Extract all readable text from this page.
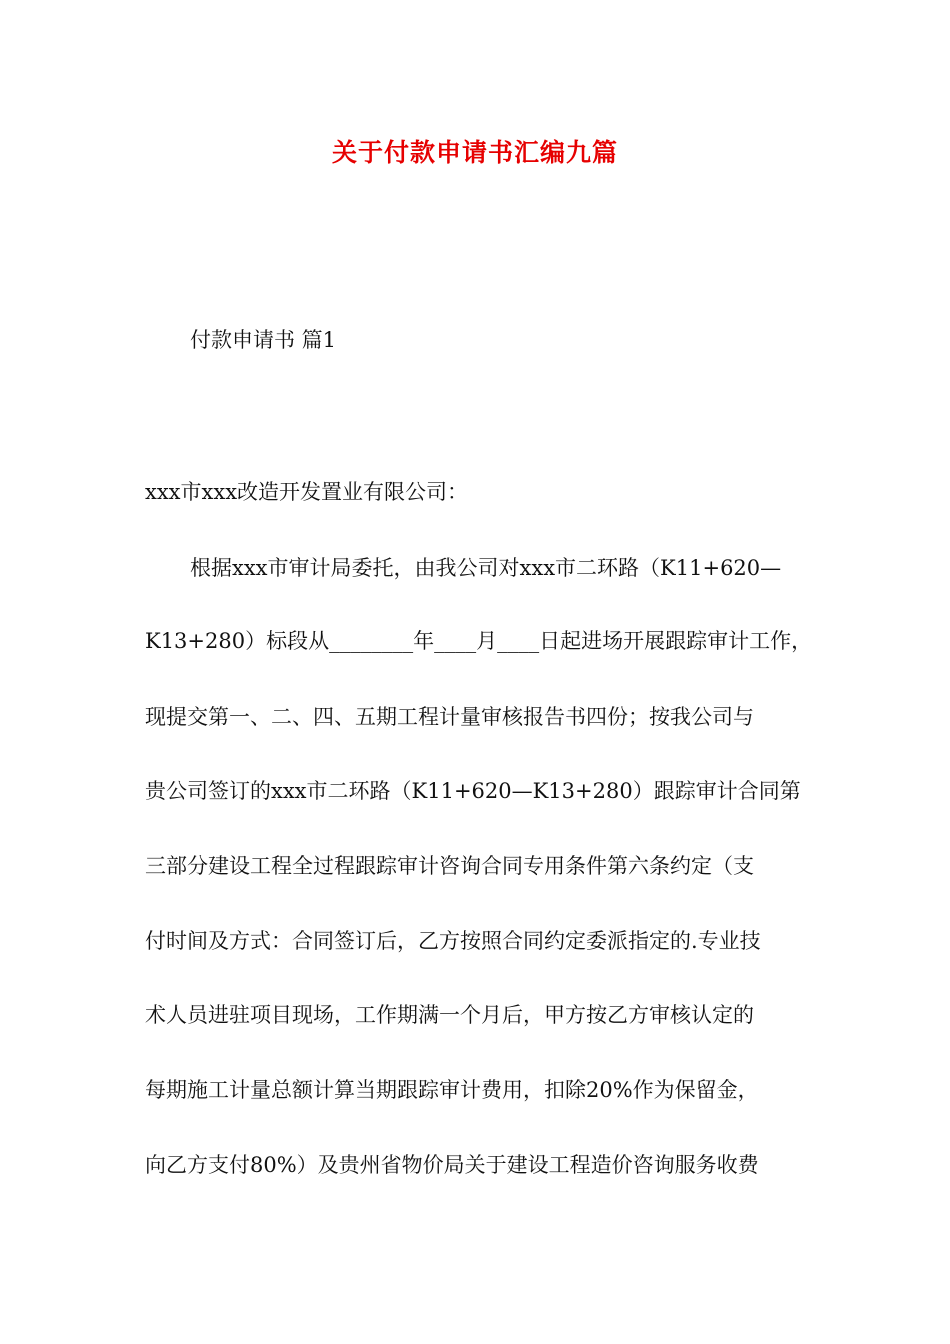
关于付款申请书汇编九篇
付款申请书 篇1
xxx市xxx改造开发置业有限公司：
根据xxx市审计局委托，由我公司对xxx市二环路（K11+620—
K13+280）标段从________年____月____日起进场开展跟踪审计工作，
现提交第一、二、四、五期工程计量审核报告书四份；按我公司与
贵公司签订的xxx市二环路（K11+620—K13+280）跟踪审计合同第
三部分建设工程全过程跟踪审计咨询合同专用条件第六条约定（支
付时间及方式：合同签订后，乙方按照合同约定委派指定的.专业技
术人员进驻项目现场，工作期满一个月后，甲方按乙方审核认定的
每期施工计量总额计算当期跟踪审计费用，扣除20%作为保留金，
向乙方支付80%）及贵州省物价局关于建设工程造价咨询服务收费
